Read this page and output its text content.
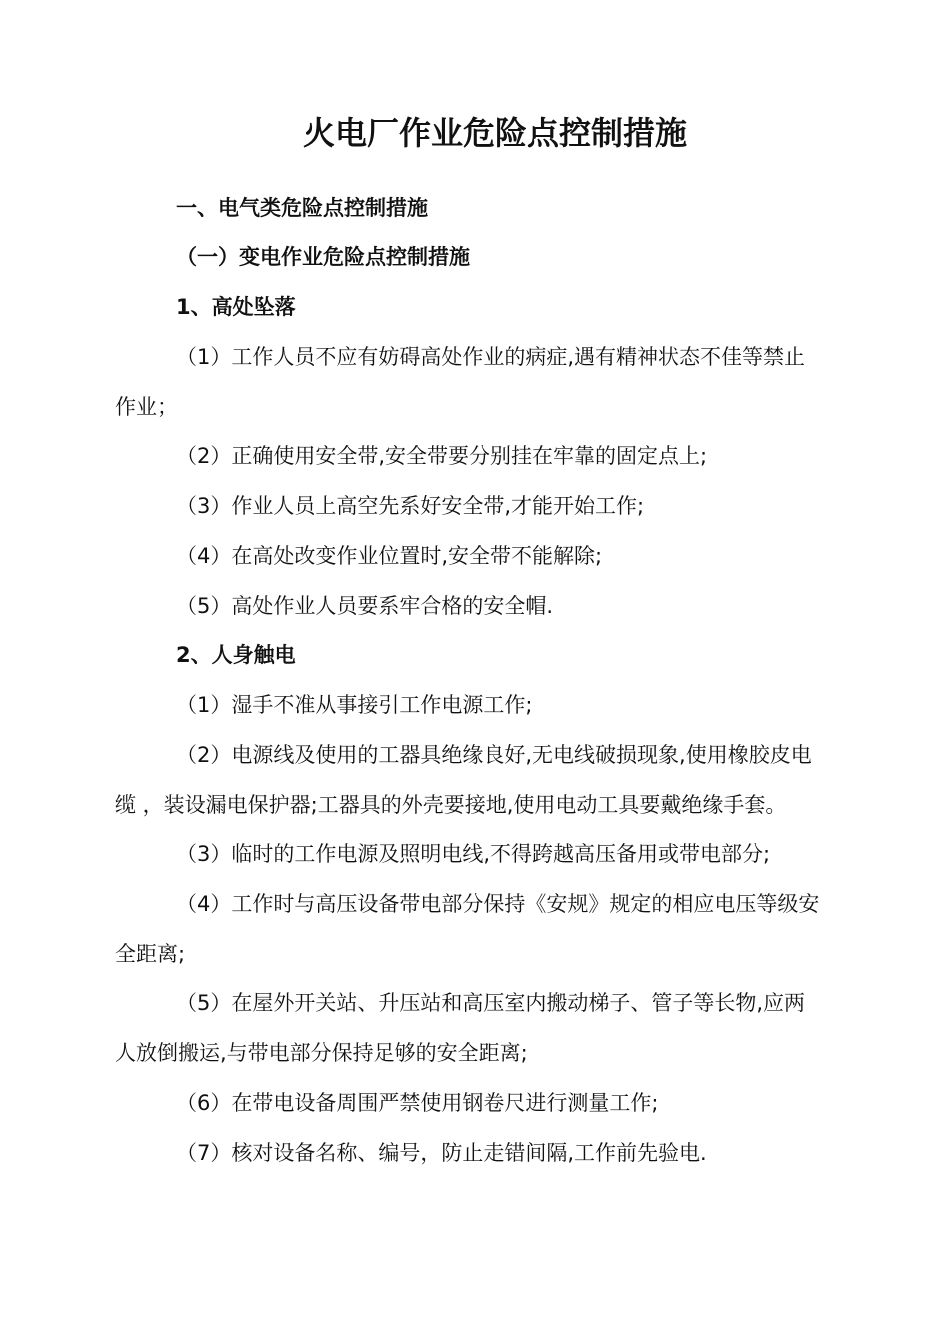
火电厂作业危险点控制措施
一、电气类危险点控制措施
（一）变电作业危险点控制措施
1、高处坠落
（1）工作人员不应有妨碍高处作业的病症,遇有精神状态不佳等禁止
作业；
（2）正确使用安全带,安全带要分别挂在牢靠的固定点上;
（3）作业人员上高空先系好安全带,才能开始工作;
（4）在高处改变作业位置时,安全带不能解除;
（5）高处作业人员要系牢合格的安全帽.
2、人身触电
（1）湿手不准从事接引工作电源工作;
（2）电源线及使用的工器具绝缘良好,无电线破损现象,使用橡胶皮电
缆 ，装设漏电保护器;工器具的外壳要接地,使用电动工具要戴绝缘手套。
（3）临时的工作电源及照明电线,不得跨越高压备用或带电部分;
（4）工作时与高压设备带电部分保持《安规》规定的相应电压等级安
全距离;
（5）在屋外开关站、升压站和高压室内搬动梯子、管子等长物,应两
人放倒搬运,与带电部分保持足够的安全距离;
（6）在带电设备周围严禁使用钢卷尺进行测量工作;
（7）核对设备名称、编号，防止走错间隔,工作前先验电.
